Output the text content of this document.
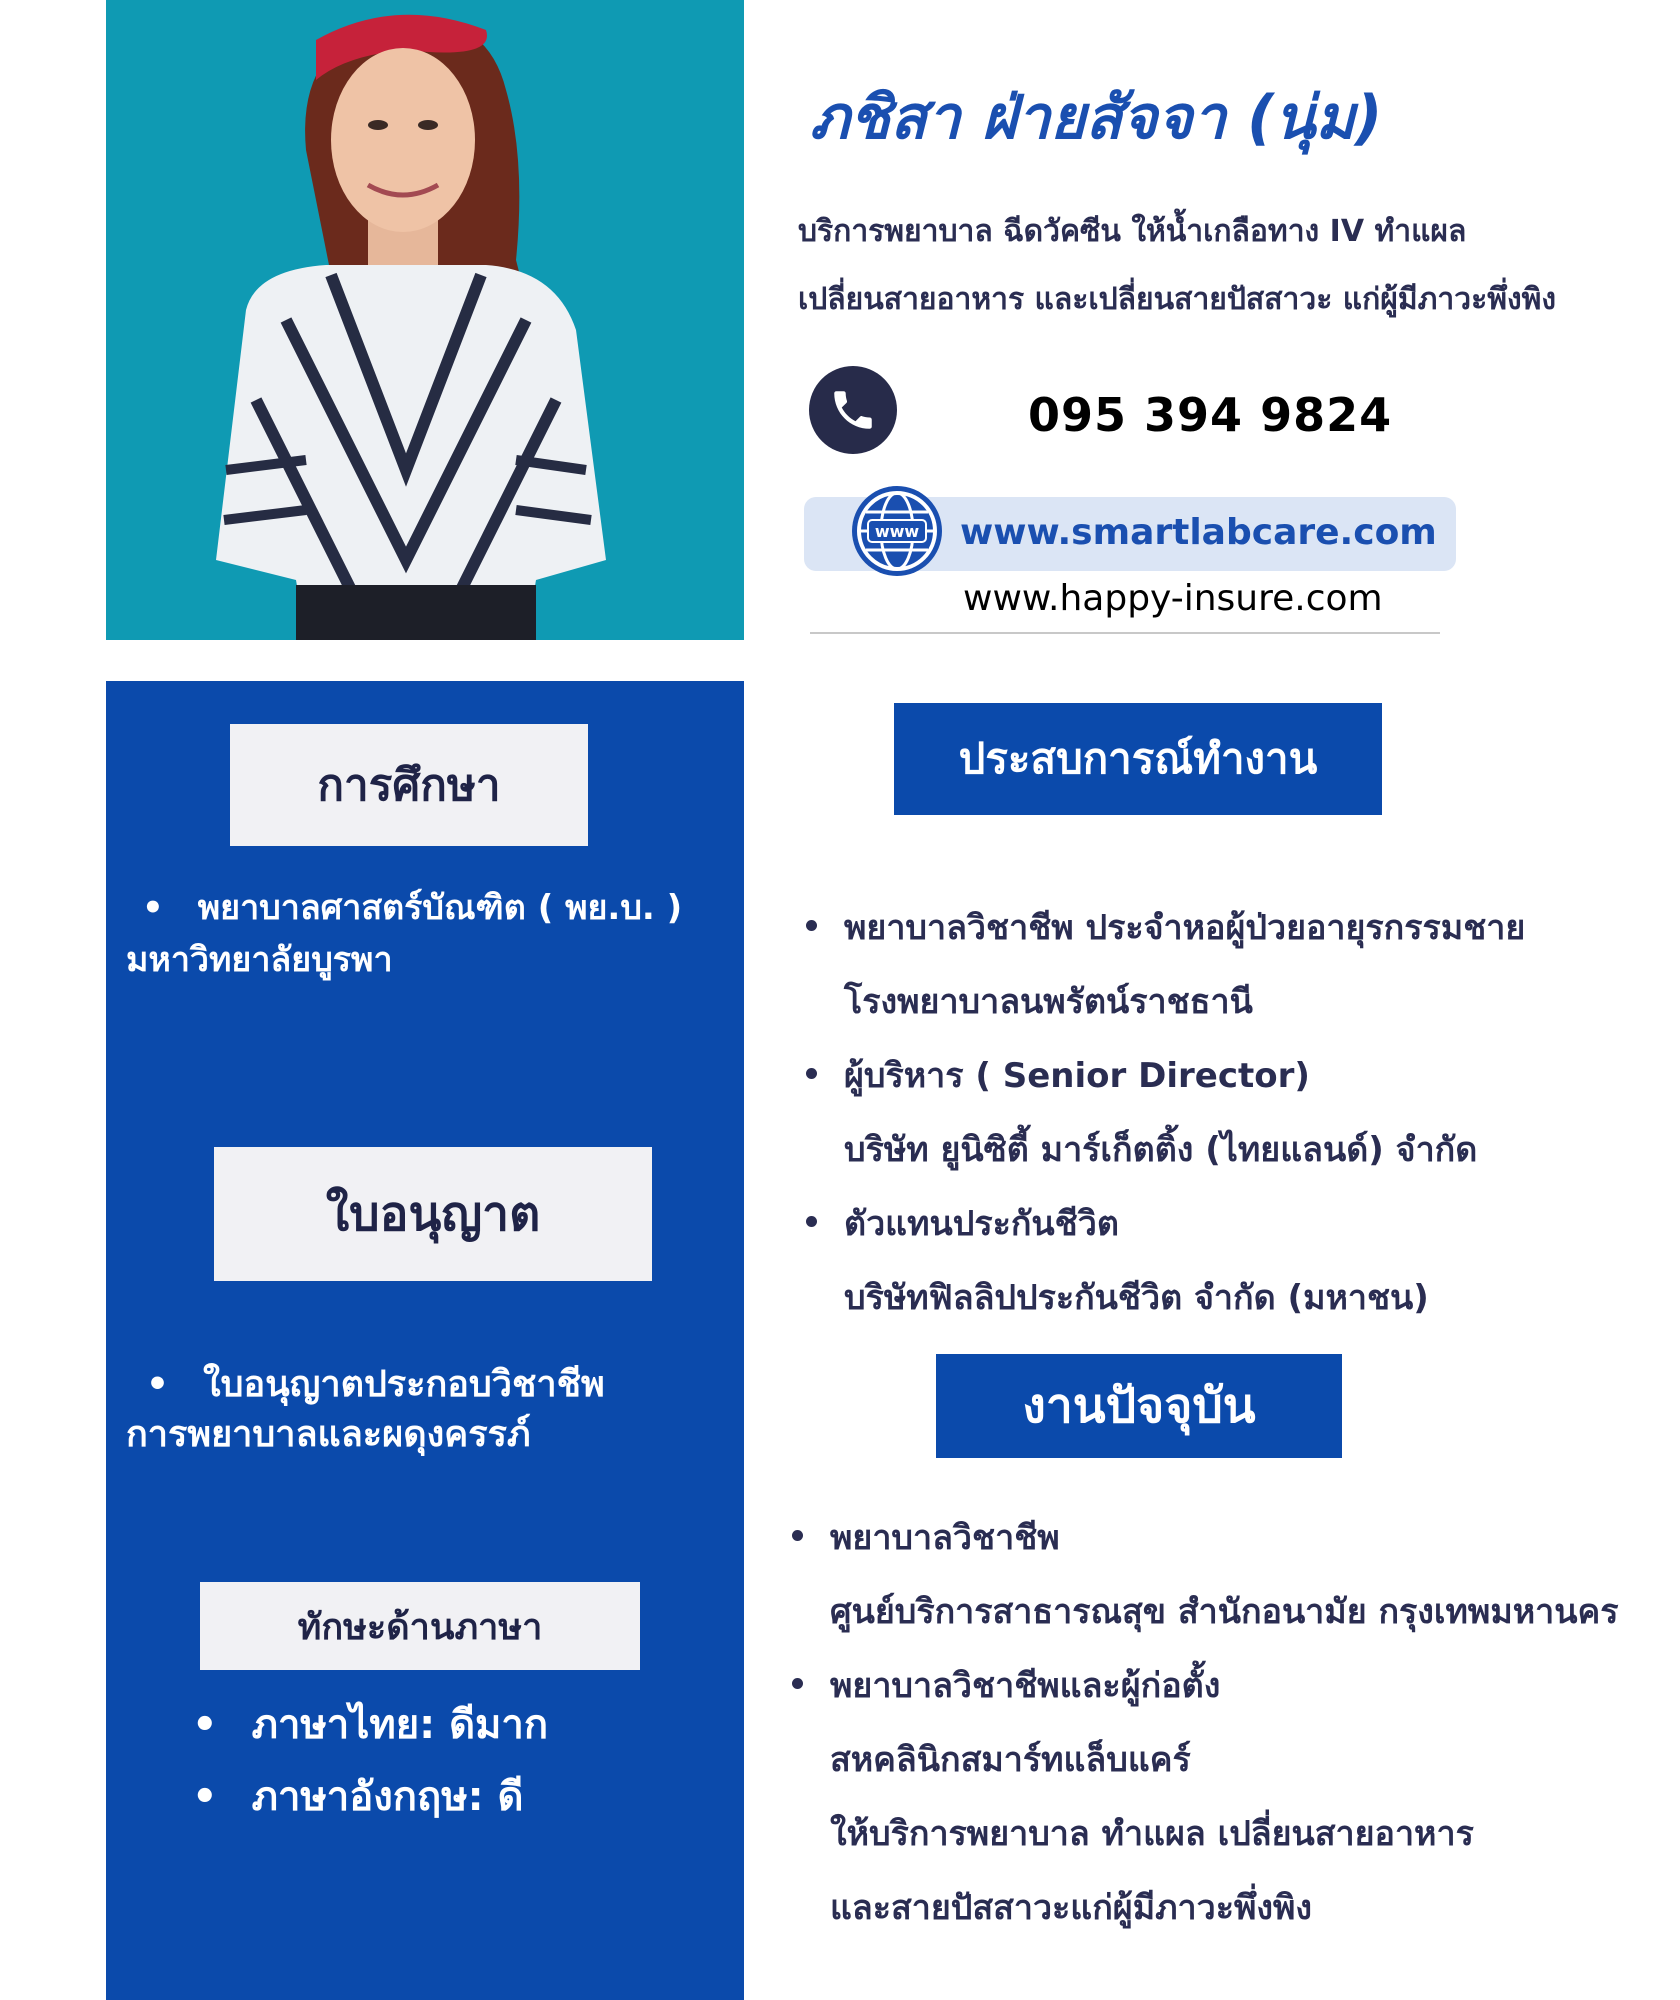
ภชิสา ฝ่ายสัจจา (นุ่ม)
บริการพยาบาล ฉีดวัคซีน ให้น้ำเกลือทาง IV ทำแผล
เปลี่ยนสายอาหาร และเปลี่ยนสายปัสสาวะ แก่ผู้มีภาวะพึ่งพิง
095 394 9824
www www.smartlabcare.com
www.happy-insure.com
การศึกษา
• พยาบาลศาสตร์บัณฑิต ( พย.บ. )
มหาวิทยาลัยบูรพา
ใบอนุญาต
• ใบอนุญาตประกอบวิชาชีพ
การพยาบาลและผดุงครรภ์
ทักษะด้านภาษา
• ภาษาไทย: ดีมาก
• ภาษาอังกฤษ: ดี
ประสบการณ์ทำงาน
พยาบาลวิชาชีพ ประจำหอผู้ป่วยอายุรกรรมชาย
โรงพยาบาลนพรัตน์ราชธานี
ผู้บริหาร ( Senior Director)
บริษัท ยูนิซิตี้ มาร์เก็ตติ้ง (ไทยแลนด์) จำกัด
ตัวแทนประกันชีวิต
บริษัทฟิลลิปประกันชีวิต จำกัด (มหาชน)
งานปัจจุบัน
พยาบาลวิชาชีพ
ศูนย์บริการสาธารณสุข สำนักอนามัย กรุงเทพมหานคร
พยาบาลวิชาชีพและผู้ก่อตั้ง
สหคลินิกสมาร์ทแล็บแคร์
ให้บริการพยาบาล ทำแผล เปลี่ยนสายอาหาร
และสายปัสสาวะแก่ผู้มีภาวะพึ่งพิง
